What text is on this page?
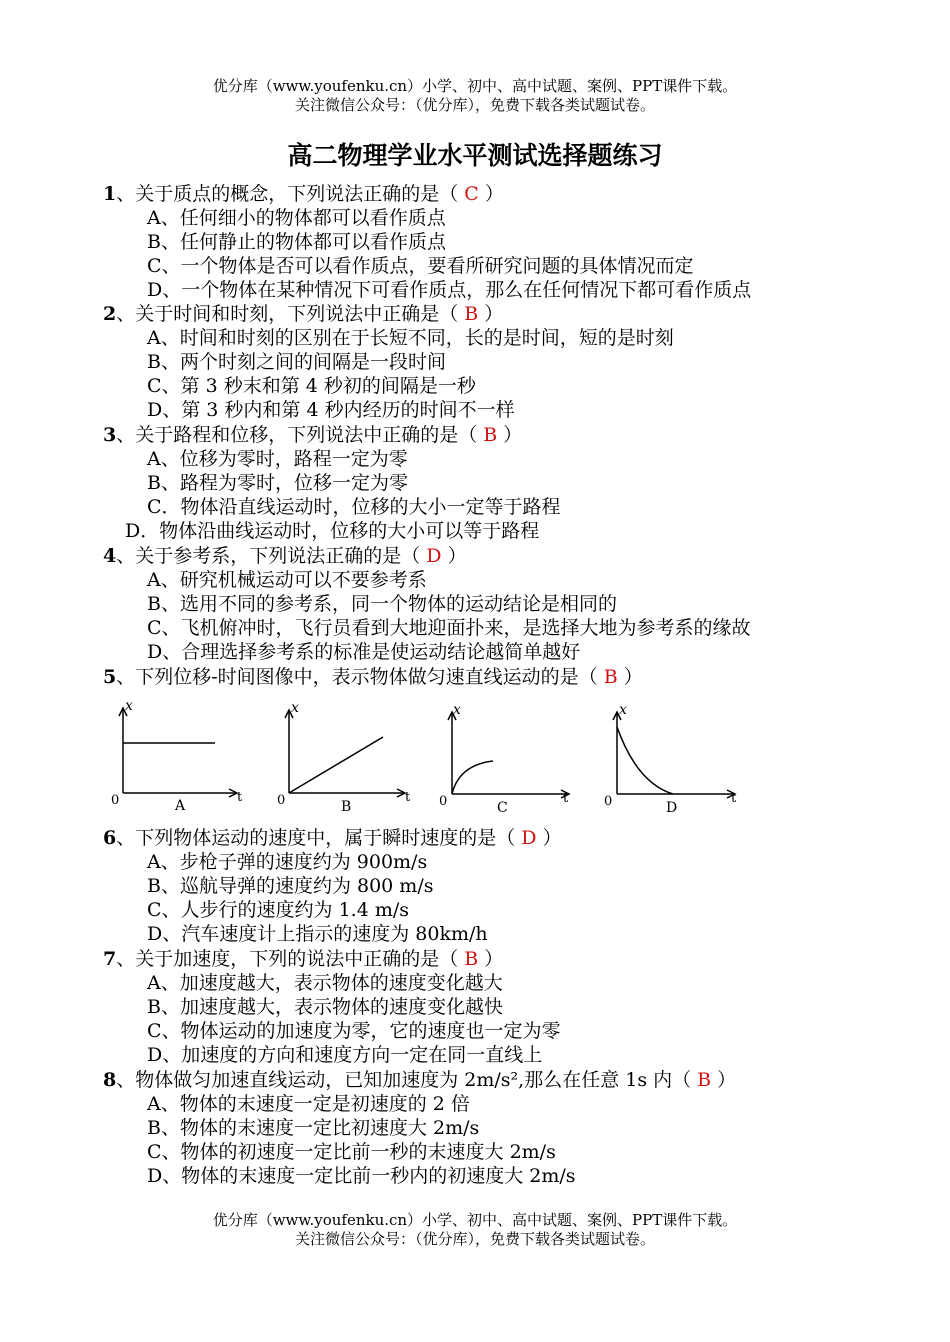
优分库（www.youfenku.cn）小学、初中、高中试题、案例、PPT课件下载。
关注微信公众号：（优分库），免费下载各类试题试卷。
高二物理学业水平测试选择题练习
1、关于质点的概念，下列说法正确的是（ C ）
A、任何细小的物体都可以看作质点
B、任何静止的物体都可以看作质点
C、一个物体是否可以看作质点，要看所研究问题的具体情况而定
D、一个物体在某种情况下可看作质点，那么在任何情况下都可看作质点
2、关于时间和时刻，下列说法中正确是（ B ）
A、时间和时刻的区别在于长短不同，长的是时间，短的是时刻
B、两个时刻之间的间隔是一段时间
C、第 3 秒末和第 4 秒初的间隔是一秒
D、第 3 秒内和第 4 秒内经历的时间不一样
3、关于路程和位移，下列说法中正确的是（ B ）
A、位移为零时，路程一定为零
B、路程为零时，位移一定为零
C．物体沿直线运动时，位移的大小一定等于路程
D．物体沿曲线运动时，位移的大小可以等于路程
4、关于参考系，下列说法正确的是（ D ）
A、研究机械运动可以不要参考系
B、选用不同的参考系，同一个物体的运动结论是相同的
C、飞机俯冲时，飞行员看到大地迎面扑来，是选择大地为参考系的缘故
D、合理选择参考系的标准是使运动结论越简单越好
5、下列位移-时间图像中，表示物体做匀速直线运动的是（ B ）
x
0	t
A
x
0	t
B
x
0	t
C
x
0	t
D
6、下列物体运动的速度中，属于瞬时速度的是（ D ）
A、步枪子弹的速度约为 900m/s
B、巡航导弹的速度约为 800 m/s
C、人步行的速度约为 1.4 m/s
D、汽车速度计上指示的速度为 80km/h
7、关于加速度，下列的说法中正确的是（ B ）
A、加速度越大，表示物体的速度变化越大
B、加速度越大，表示物体的速度变化越快
C、物体运动的加速度为零，它的速度也一定为零
D、加速度的方向和速度方向一定在同一直线上
8、物体做匀加速直线运动，已知加速度为 2m/s²,那么在任意 1s 内（ B ）
A、物体的末速度一定是初速度的 2 倍
B、物体的末速度一定比初速度大 2m/s
C、物体的初速度一定比前一秒的末速度大 2m/s
D、物体的末速度一定比前一秒内的初速度大 2m/s
优分库（www.youfenku.cn）小学、初中、高中试题、案例、PPT课件下载。
关注微信公众号：（优分库），免费下载各类试题试卷。
